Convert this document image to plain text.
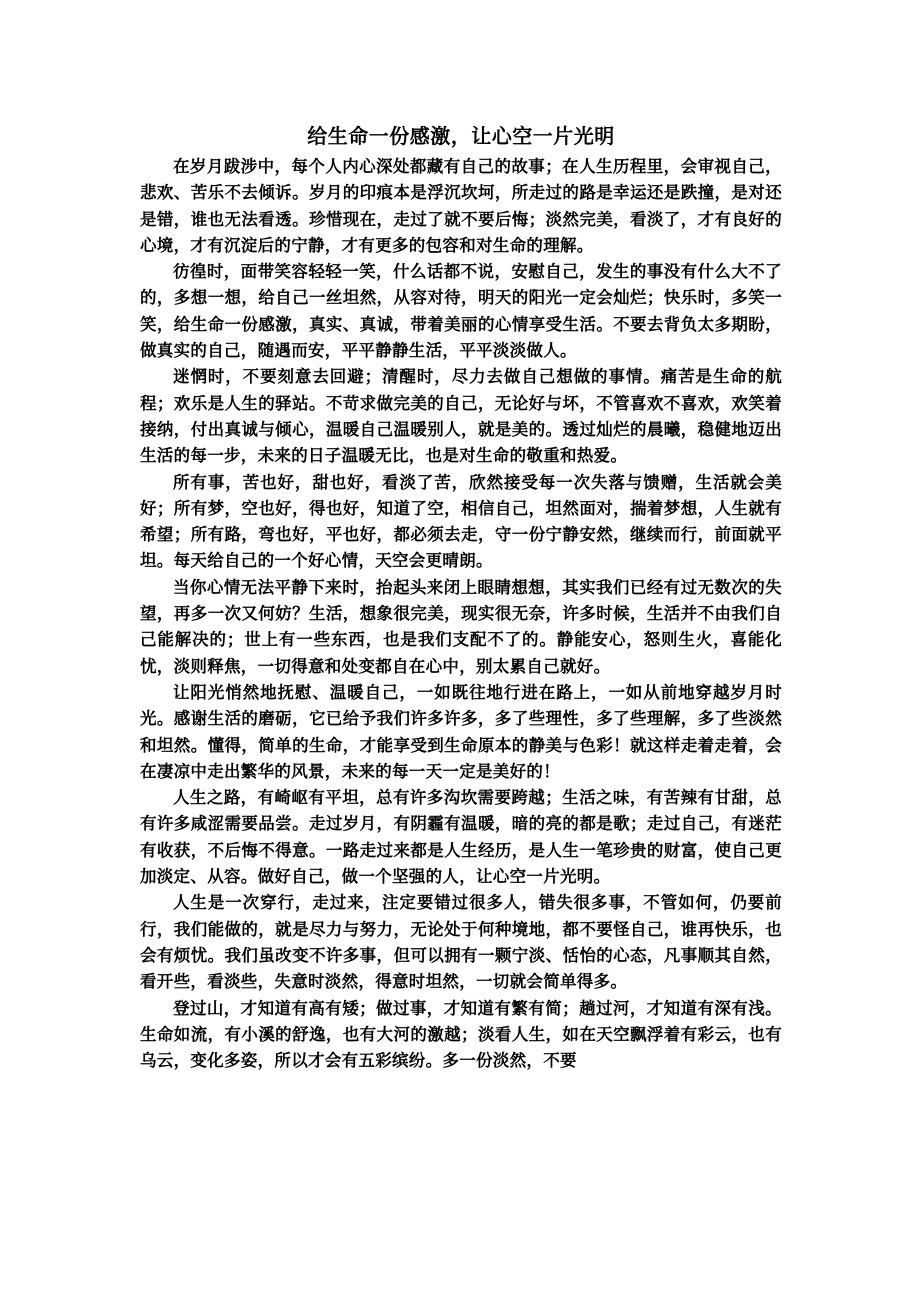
给生命一份感激，让心空一片光明

在岁月跋涉中，每个人内心深处都藏有自己的故事；在人生历程里，会审视自己，悲欢、苦乐不去倾诉。岁月的印痕本是浮沉坎坷，所走过的路是幸运还是跌撞，是对还是错，谁也无法看透。珍惜现在，走过了就不要后悔；淡然完美，看淡了，才有良好的心境，才有沉淀后的宁静，才有更多的包容和对生命的理解。

彷徨时，面带笑容轻轻一笑，什么话都不说，安慰自己，发生的事没有什么大不了的，多想一想，给自己一丝坦然，从容对待，明天的阳光一定会灿烂；快乐时，多笑一笑，给生命一份感激，真实、真诚，带着美丽的心情享受生活。不要去背负太多期盼，做真实的自己，随遇而安，平平静静生活，平平淡淡做人。

迷惘时，不要刻意去回避；清醒时，尽力去做自己想做的事情。痛苦是生命的航程；欢乐是人生的驿站。不苛求做完美的自己，无论好与坏，不管喜欢不喜欢，欢笑着接纳，付出真诚与倾心，温暖自己温暖别人，就是美的。透过灿烂的晨曦，稳健地迈出生活的每一步，未来的日子温暖无比，也是对生命的敬重和热爱。

所有事，苦也好，甜也好，看淡了苦，欣然接受每一次失落与馈赠，生活就会美好；所有梦，空也好，得也好，知道了空，相信自己，坦然面对，揣着梦想，人生就有希望；所有路，弯也好，平也好，都必须去走，守一份宁静安然，继续而行，前面就平坦。每天给自己的一个好心情，天空会更晴朗。

当你心情无法平静下来时，抬起头来闭上眼睛想想，其实我们已经有过无数次的失望，再多一次又何妨？生活，想象很完美，现实很无奈，许多时候，生活并不由我们自己能解决的；世上有一些东西，也是我们支配不了的。静能安心，怒则生火，喜能化忧，淡则释焦，一切得意和处变都自在心中，别太累自己就好。

让阳光悄然地抚慰、温暖自己，一如既往地行进在路上，一如从前地穿越岁月时光。感谢生活的磨砺，它已给予我们许多许多，多了些理性，多了些理解，多了些淡然和坦然。懂得，简单的生命，才能享受到生命原本的静美与色彩！就这样走着走着，会在凄凉中走出繁华的风景，未来的每一天一定是美好的！

人生之路，有崎岖有平坦，总有许多沟坎需要跨越；生活之味，有苦辣有甘甜，总有许多咸涩需要品尝。走过岁月，有阴霾有温暖，暗的亮的都是歌；走过自己，有迷茫有收获，不后悔不得意。一路走过来都是人生经历，是人生一笔珍贵的财富，使自己更加淡定、从容。做好自己，做一个坚强的人，让心空一片光明。

人生是一次穿行，走过来，注定要错过很多人，错失很多事，不管如何，仍要前行，我们能做的，就是尽力与努力，无论处于何种境地，都不要怪自己，谁再快乐，也会有烦忧。我们虽改变不许多事，但可以拥有一颗宁淡、恬怡的心态，凡事顺其自然，看开些，看淡些，失意时淡然，得意时坦然，一切就会简单得多。

登过山，才知道有高有矮；做过事，才知道有繁有简；趟过河，才知道有深有浅。生命如流，有小溪的舒逸，也有大河的激越；淡看人生，如在天空飘浮着有彩云，也有乌云，变化多姿，所以才会有五彩缤纷。多一份淡然，不要
